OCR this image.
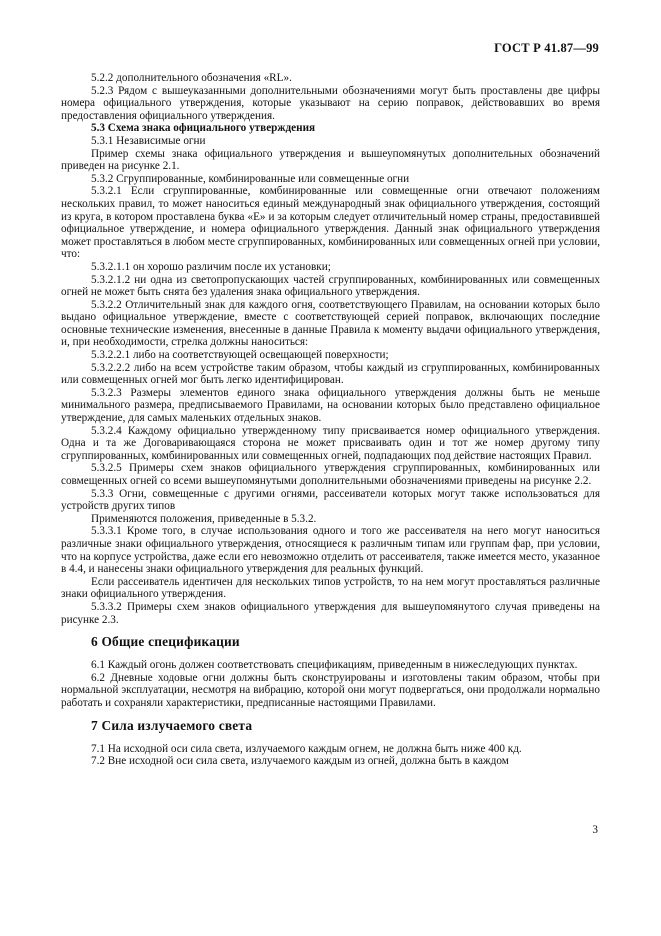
ГОСТ Р 41.87—99

5.2.2 дополнительного обозначения «RL».

5.2.3 Рядом с вышеуказанными дополнительными обозначениями могут быть проставлены две цифры номера официального утверждения, которые указывают на серию поправок, действовавших во время предоставления официального утверждения.

5.3 Схема знака официального утверждения

5.3.1 Независимые огни

Пример схемы знака официального утверждения и вышеупомянутых дополнительных обозначений приведен на рисунке 2.1.

5.3.2 Сгруппированные, комбинированные или совмещенные огни

5.3.2.1 Если сгруппированные, комбинированные или совмещенные огни отвечают положениям нескольких правил, то может наноситься единый международный знак официального утверждения, состоящий из круга, в котором проставлена буква «Е» и за которым следует отличительный номер страны, предоставившей официальное утверждение, и номера официального утверждения. Данный знак официального утверждения может проставляться в любом месте сгруппированных, комбинированных или совмещенных огней при условии, что:

5.3.2.1.1 он хорошо различим после их установки;

5.3.2.1.2 ни одна из светопропускающих частей сгруппированных, комбинированных или совмещенных огней не может быть снята без удаления знака официального утверждения.

5.3.2.2 Отличительный знак для каждого огня, соответствующего Правилам, на основании которых было выдано официальное утверждение, вместе с соответствующей серией поправок, включающих последние основные технические изменения, внесенные в данные Правила к моменту выдачи официального утверждения, и, при необходимости, стрелка должны наноситься:

5.3.2.2.1 либо на соответствующей освещающей поверхности;

5.3.2.2.2 либо на всем устройстве таким образом, чтобы каждый из сгруппированных, комбинированных или совмещенных огней мог быть легко идентифицирован.

5.3.2.3 Размеры элементов единого знака официального утверждения должны быть не меньше минимального размера, предписываемого Правилами, на основании которых было представлено официальное утверждение, для самых маленьких отдельных знаков.

5.3.2.4 Каждому официально утвержденному типу присваивается номер официального утверждения. Одна и та же Договаривающаяся сторона не может присваивать один и тот же номер другому типу сгруппированных, комбинированных или совмещенных огней, подпадающих под действие настоящих Правил.

5.3.2.5 Примеры схем знаков официального утверждения сгруппированных, комбинированных или совмещенных огней со всеми вышеупомянутыми дополнительными обозначениями приведены на рисунке 2.2.

5.3.3 Огни, совмещенные с другими огнями, рассеиватели которых могут также использоваться для устройств других типов

Применяются положения, приведенные в 5.3.2.

5.3.3.1 Кроме того, в случае использования одного и того же рассеивателя на него могут наноситься различные знаки официального утверждения, относящиеся к различным типам или группам фар, при условии, что на корпусе устройства, даже если его невозможно отделить от рассеивателя, также имеется место, указанное в 4.4, и нанесены знаки официального утверждения для реальных функций.

Если рассеиватель идентичен для нескольких типов устройств, то на нем могут проставляться различные знаки официального утверждения.

5.3.3.2 Примеры схем знаков официального утверждения для вышеупомянутого случая приведены на рисунке 2.3.

6 Общие спецификации

6.1 Каждый огонь должен соответствовать спецификациям, приведенным в нижеследующих пунктах.

6.2 Дневные ходовые огни должны быть сконструированы и изготовлены таким образом, чтобы при нормальной эксплуатации, несмотря на вибрацию, которой они могут подвергаться, они продолжали нормально работать и сохраняли характеристики, предписанные настоящими Правилами.

7 Сила излучаемого света

7.1 На исходной оси сила света, излучаемого каждым огнем, не должна быть ниже 400 кд.

7.2 Вне исходной оси сила света, излучаемого каждым из огней, должна быть в каждом

3
